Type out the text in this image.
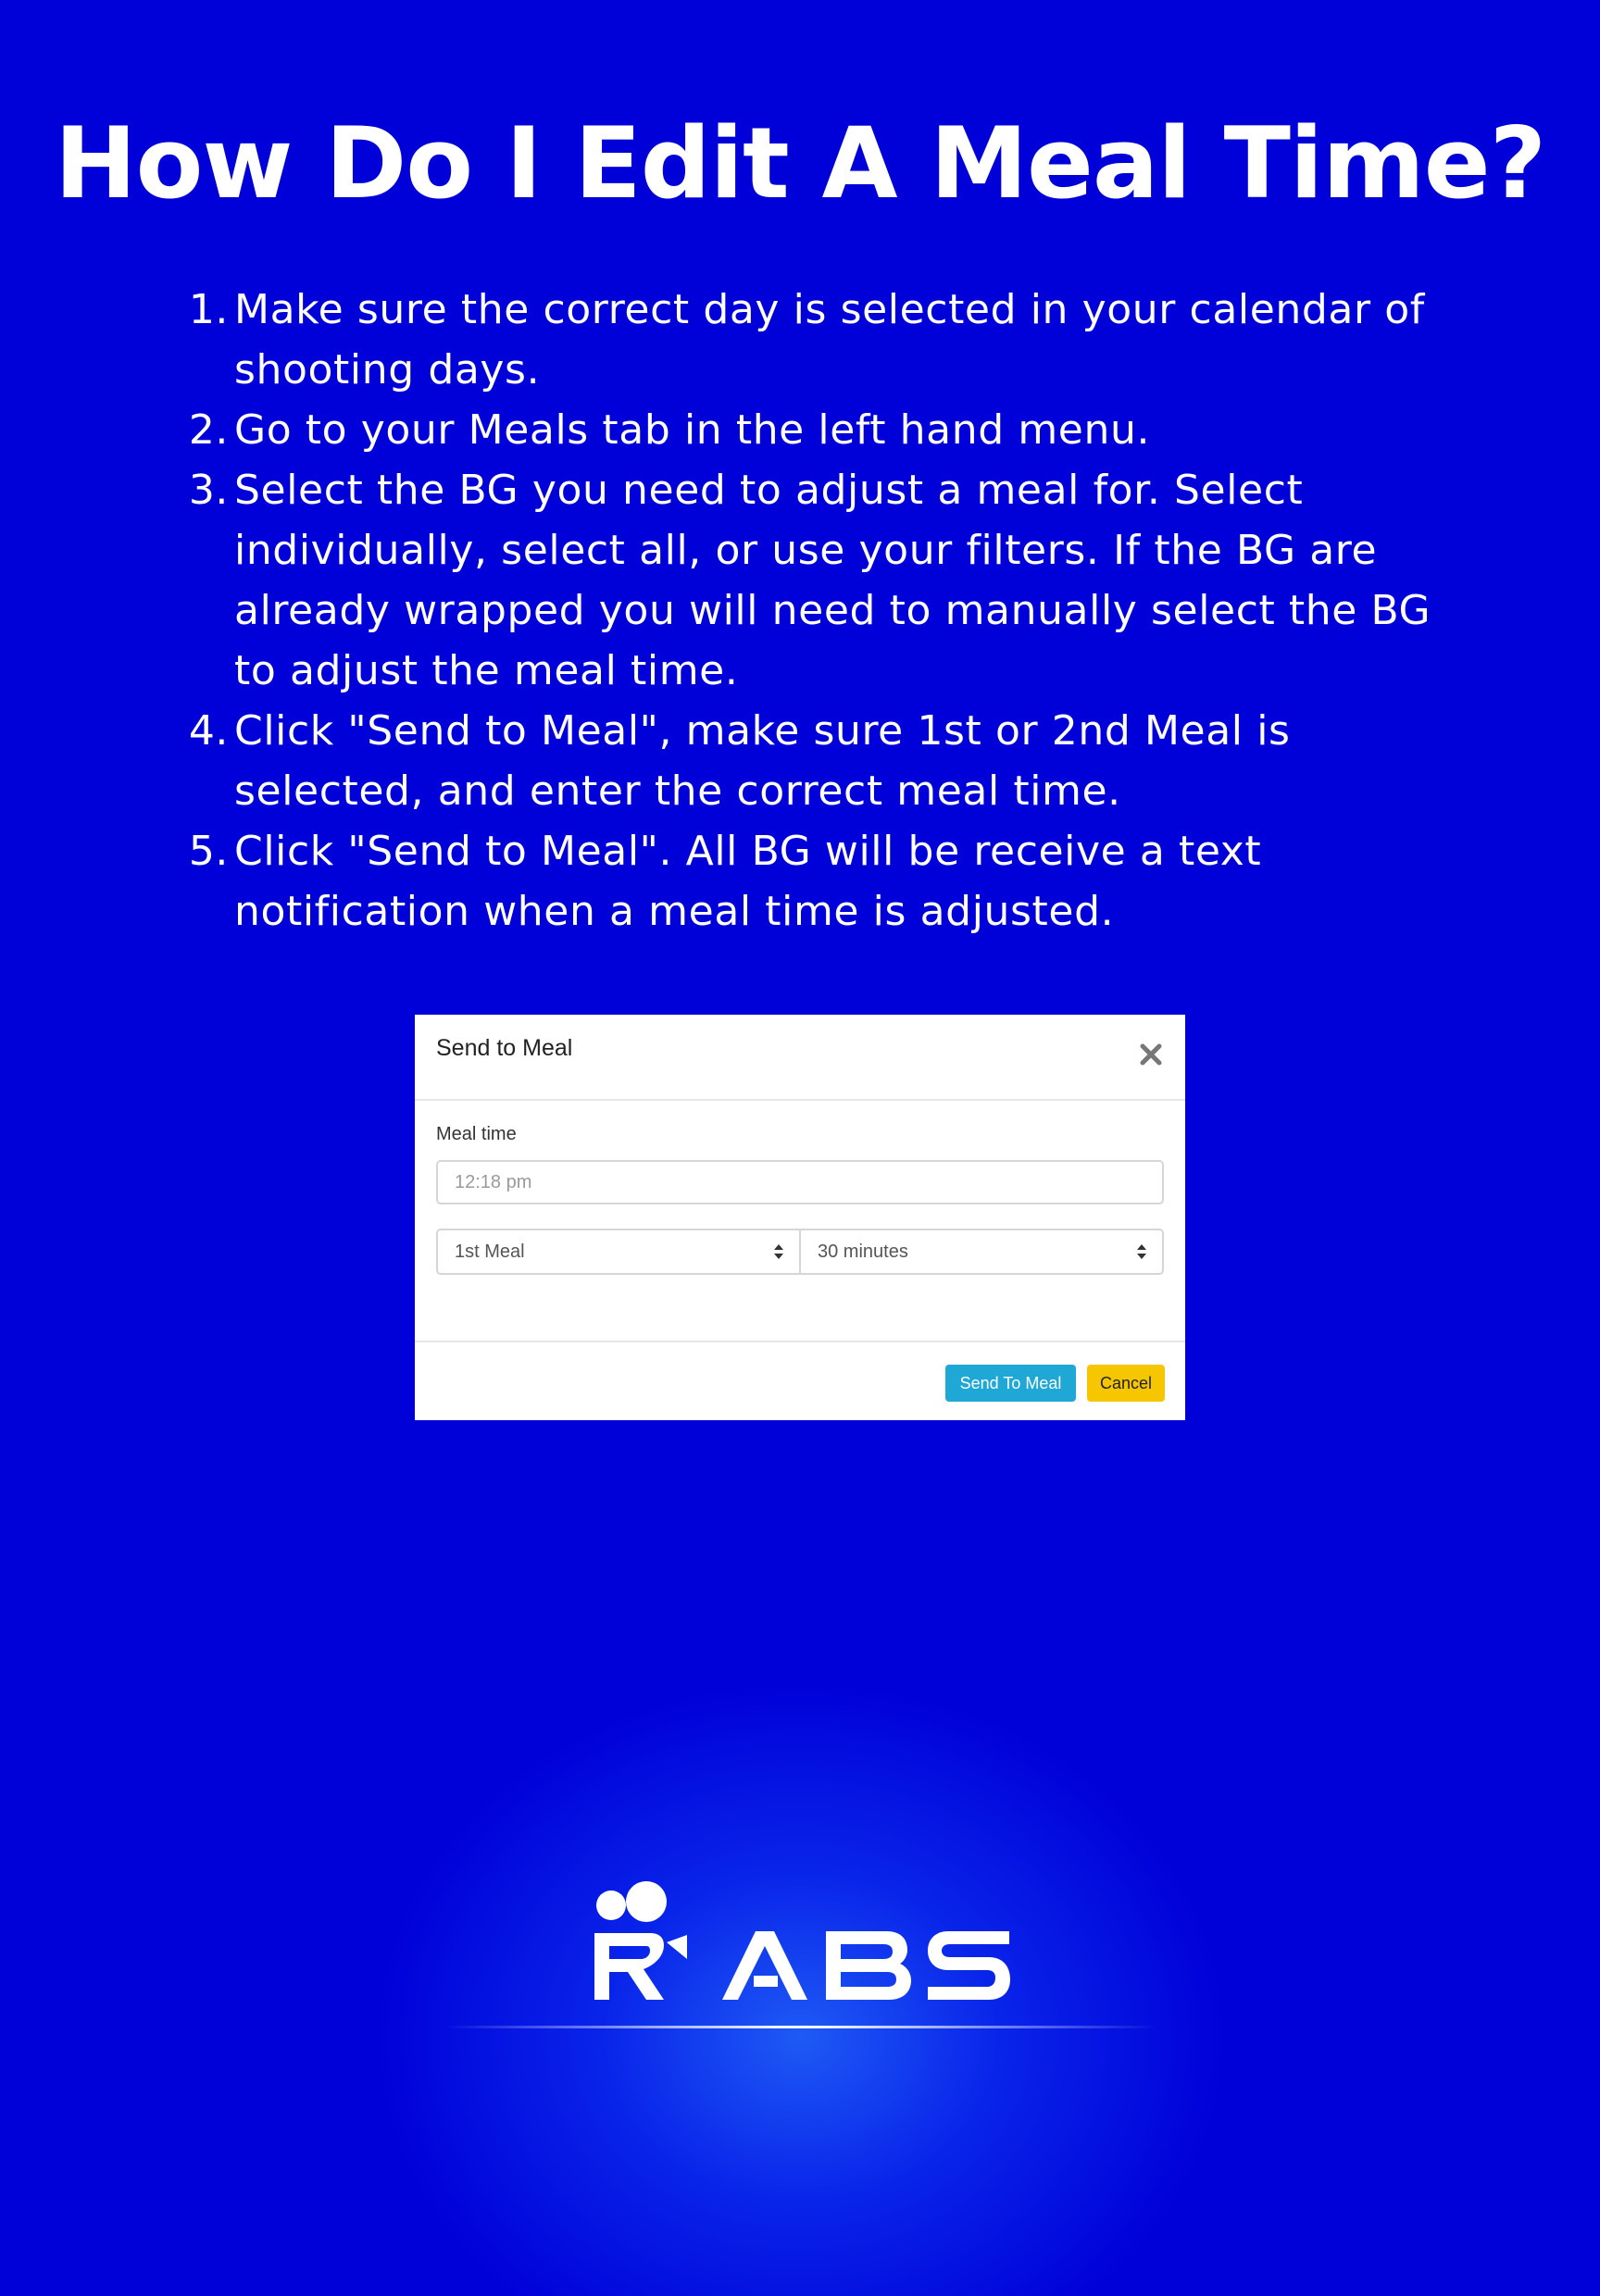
How Do I Edit A Meal Time?
1. Make sure the correct day is selected in your calendar of shooting days.
2. Go to your Meals tab in the left hand menu.
3. Select the BG you need to adjust a meal for. Select individually, select all, or use your filters. If the BG are already wrapped you will need to manually select the BG to adjust the meal time.
4. Click "Send to Meal", make sure 1st or 2nd Meal is selected, and enter the correct meal time.
5. Click "Send to Meal". All BG will be receive a text notification when a meal time is adjusted.
Send to Meal
Meal time
12:18 pm
1st Meal	30 minutes
Send To Meal	Cancel
